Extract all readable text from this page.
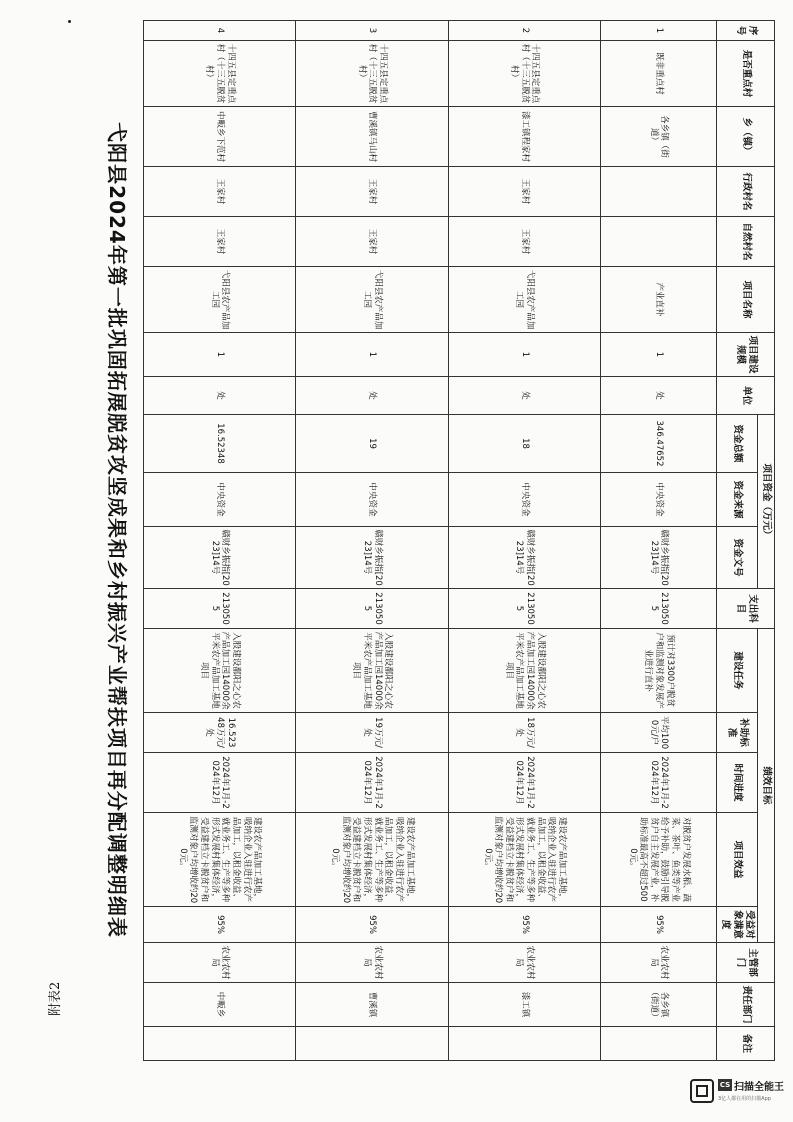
附表2
序号	是否重点村	乡（镇）	行政村名	自然村名	项目名称	项目建设规模	单位	项目资金（万元）			支出科目	绩效目标					主管部门	责任部门	备注
								资金总额	资金来源	资金文号		建设任务	补助标准	时间进度	项目效益	受益对象满意度			
1	既非重点村	各乡镇（街道）			产业直补	1	处	346.47652	中央资金	赣财乡振指[2023]14号	2130505	预计对3300户脱贫户和监测对象发展产业进行直补	平均1000元/户	2024年1月-2024年12月	对脱贫户发展水稻、蔬菜、茶叶、鱼类等产业给予补助，鼓励引导脱贫户自主发展产业，补助标准最高不超过5000元。	95%	农业农村局	各乡镇（街道）	
2	十四五县定重点村（十三五脱贫村）	漆工镇程家村	王家村	王家村	弋阳县农产品加工园	1	处	18	中央资金	赣财乡振指[2023]14号	2130505	入股建设鄱阳之心农产品加工园14000余平米农产品加工基地项目	18万元/处	2024年1月-2024年12月	建设农产品加工基地，吸纳企业入驻进行农产品加工，以租金收益、就业务工、生产等多种形式发展村集体经济，受益建档立卡脱贫户和监测对象户均增收约200元。	95%	农业农村局	漆工镇	
3	十四五县定重点村（十三五脱贫村）	曹溪镇马山村	王家村	王家村	弋阳县农产品加工园	1	处	19	中央资金	赣财乡振指[2023]14号	2130505	入股建设鄱阳之心农产品加工园14000余平米农产品加工基地项目	19万元/处	2024年1月-2024年12月	建设农产品加工基地，吸纳企业入驻进行农产品加工，以租金收益、就业务工、生产等多种形式发展村集体经济，受益建档立卡脱贫户和监测对象户均增收约200元。	95%	农业农村局	曹溪镇	
4	十四五县定重点村（十三五脱贫村）	中畈乡下范村	王家村	王家村	弋阳县农产品加工园	1	处	16.52348	中央资金	赣财乡振指[2023]14号	2130505	入股建设鄱阳之心农产品加工园14000余平米农产品加工基地项目	16.52348万元/处	2024年1月-2024年12月	建设农产品加工基地，吸纳企业入驻进行农产品加工，以租金收益、就业务工、生产等多种形式发展村集体经济，受益建档立卡脱贫户和监测对象户均增收约200元。	95%	农业农村局	中畈乡	
弋阳县2024年第一批巩固拓展脱贫攻坚成果和乡村振兴产业帮扶项目再分配调整明细表
CS 扫描全能王
3亿人都在用的扫描App
